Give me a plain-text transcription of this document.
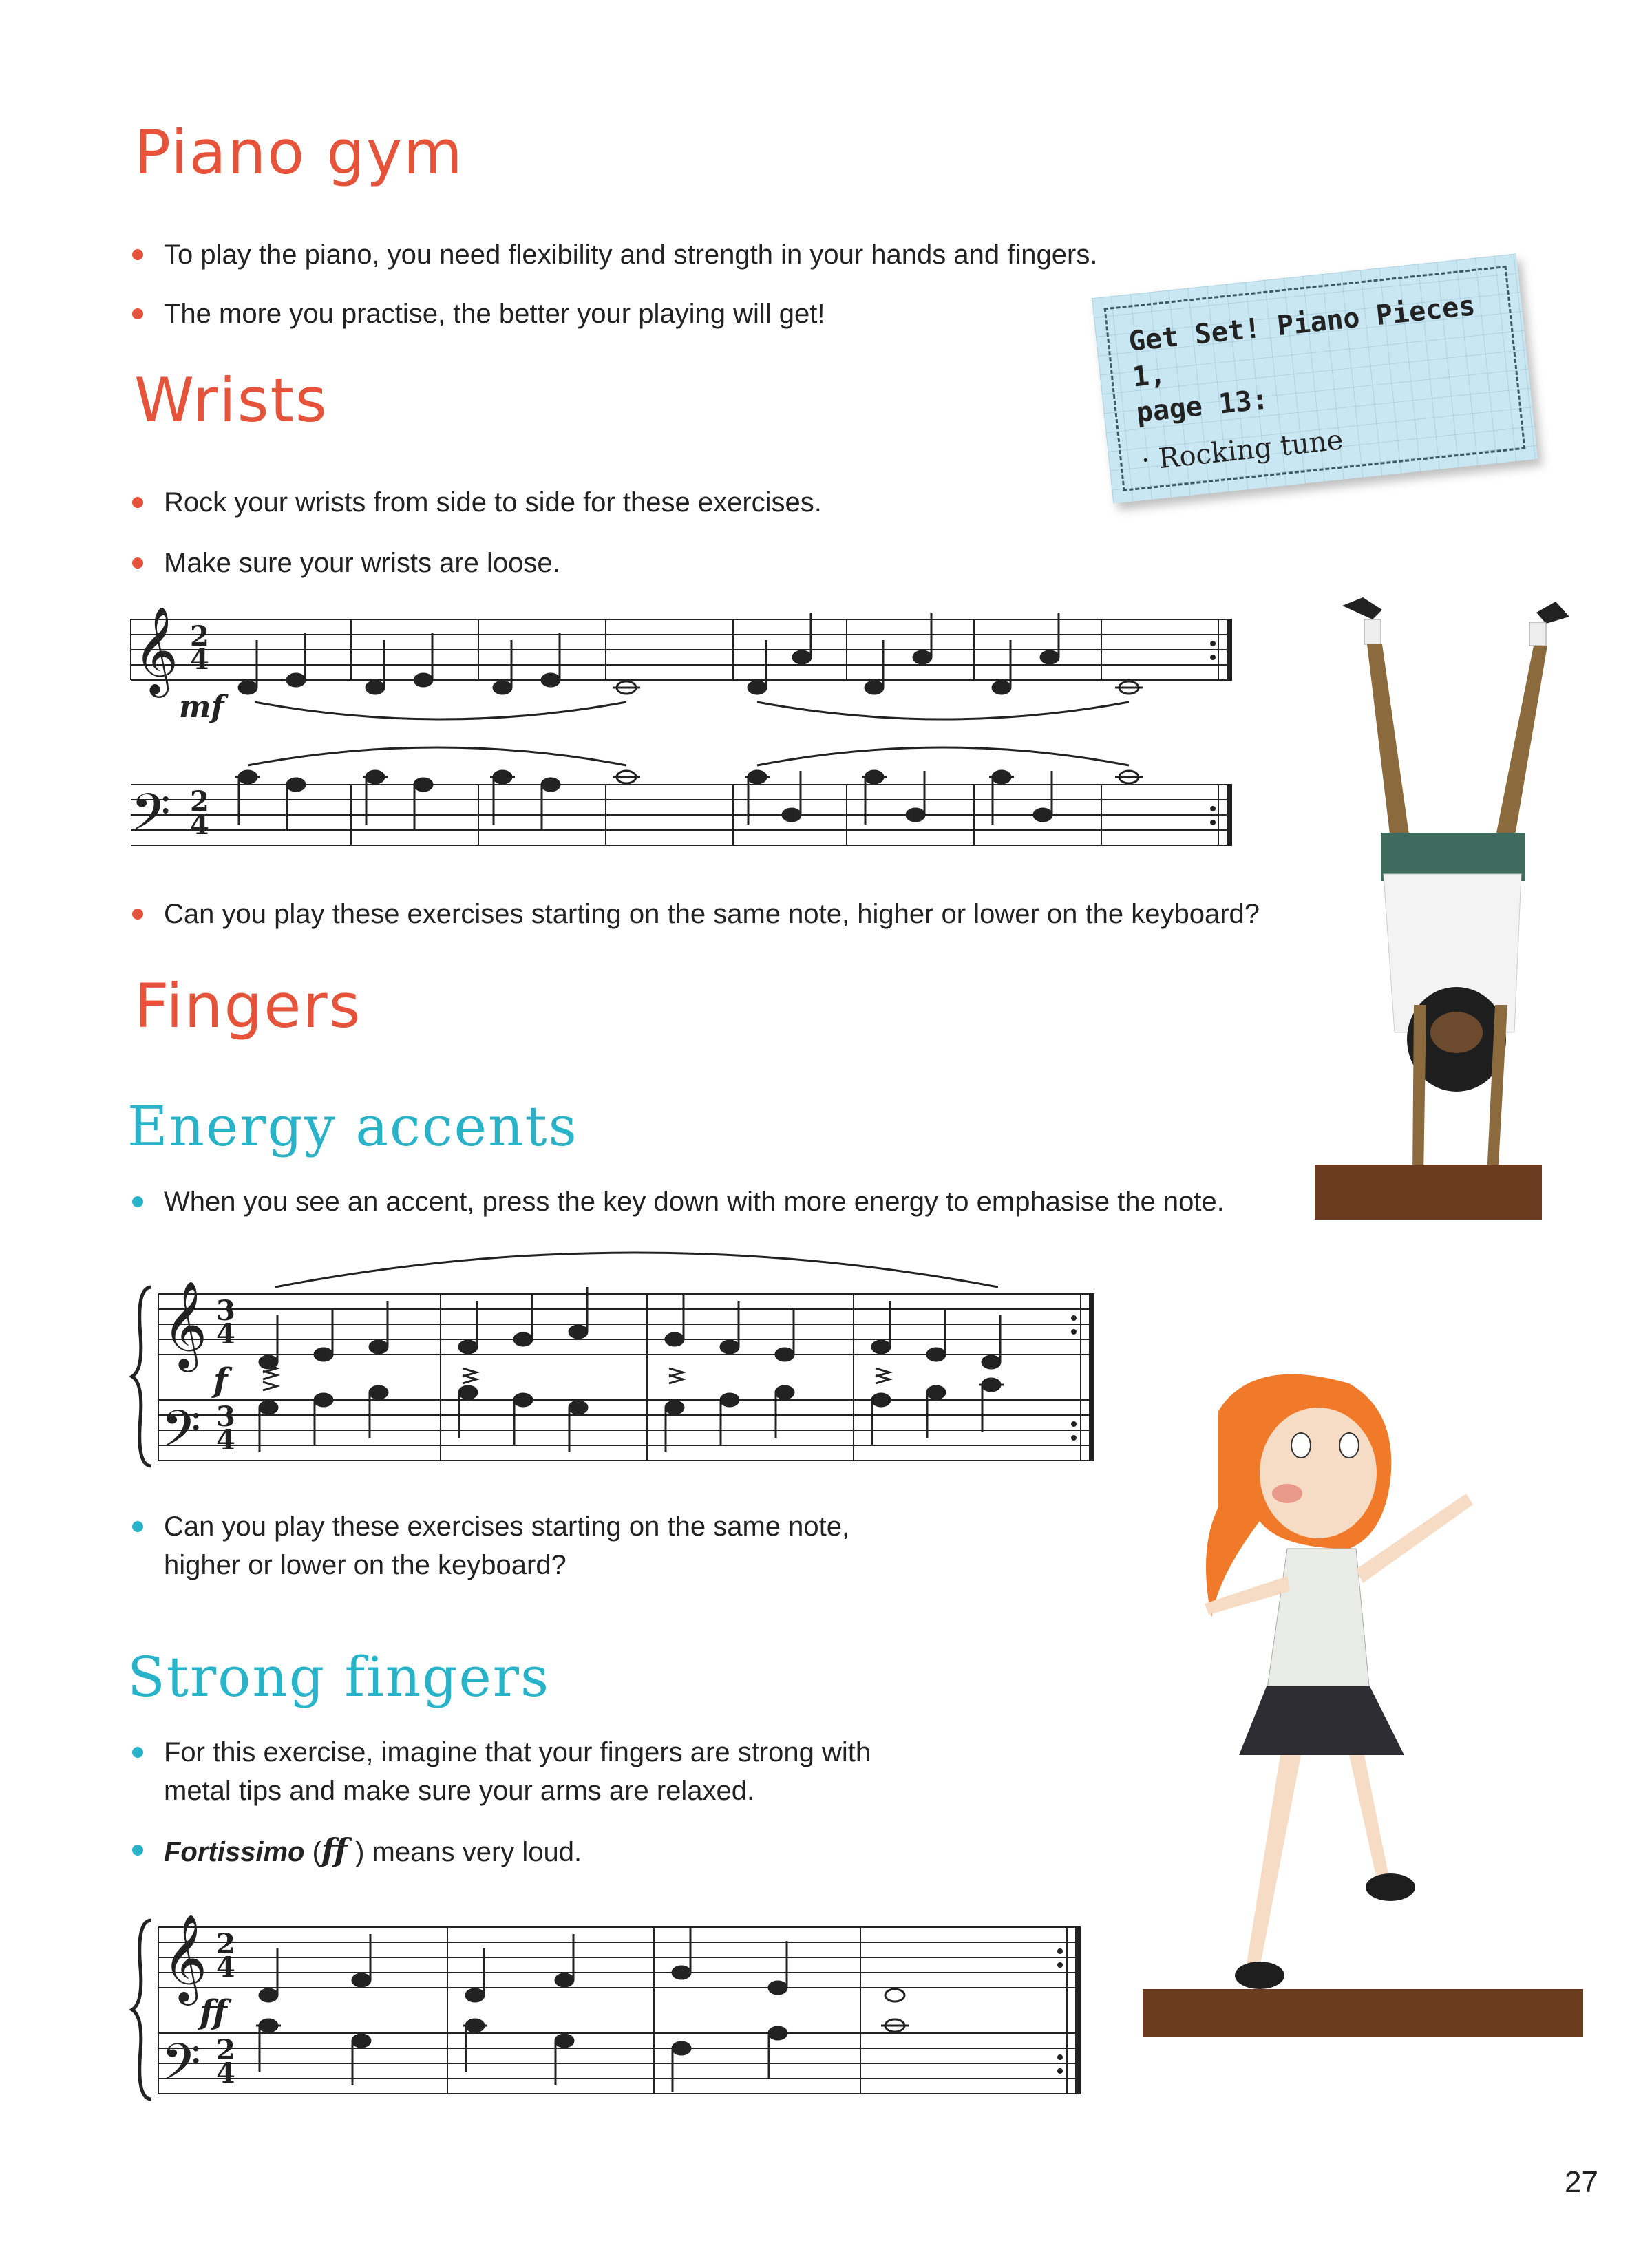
Piano gym
To play the piano, you need flexibility and strength in your hands and fingers.
The more you practise, the better your playing will get!
Wrists
Rock your wrists from side to side for these exercises.
Make sure your wrists are loose.
Get Set! Piano Pieces 1,
page 13:
· Rocking tune
𝄞 2
4
mf
𝄢 2
4
Can you play these exercises starting on the same note, higher or lower on the keyboard?
Fingers
Energy accents
When you see an accent, press the key down with more energy to emphasise the note.
𝄞
𝄢
3
4
3
4
f
Can you play these exercises starting on the same note,
higher or lower on the keyboard?
Strong fingers
For this exercise, imagine that your fingers are strong with
metal tips and make sure your arms are relaxed.
Fortissimo (ff ) means very loud.
𝄞
𝄢
2
4
2
4
ff
27
